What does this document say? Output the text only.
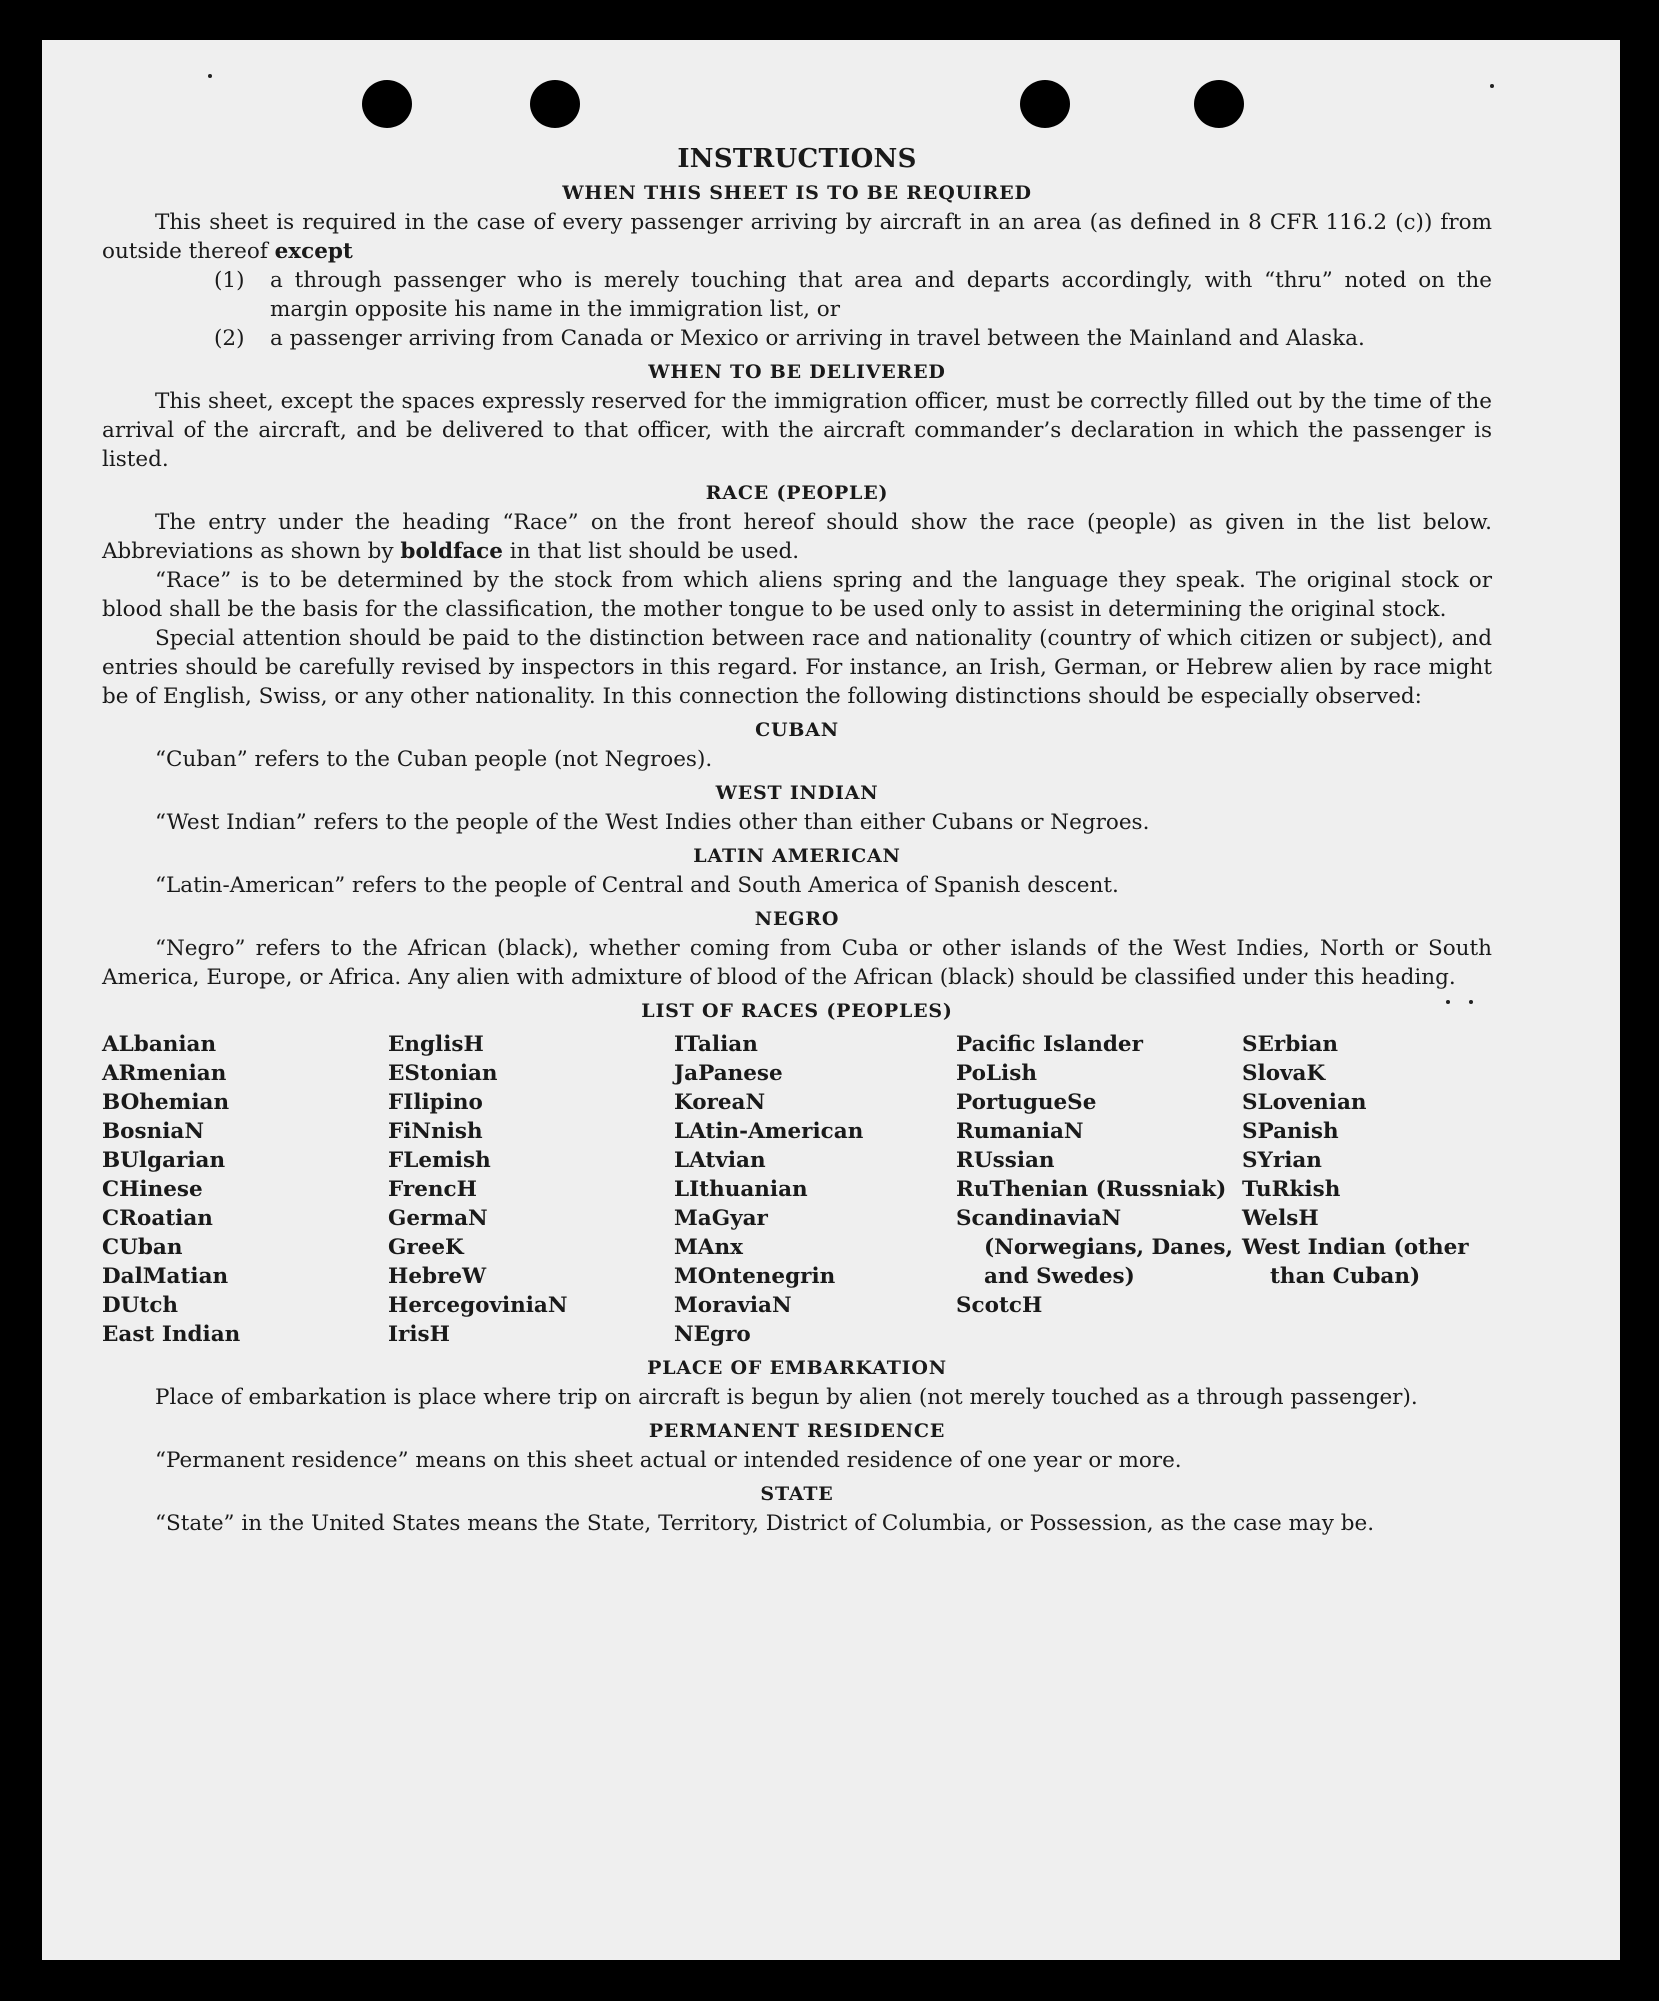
INSTRUCTIONS
WHEN THIS SHEET IS TO BE REQUIRED

This sheet is required in the case of every passenger arriving by aircraft in an area (as defined in 8 CFR 116.2 (c)) from outside thereof except

(1) a through passenger who is merely touching that area and departs accordingly, with “thru” noted on the margin opposite his name in the immigration list, or
(2) a passenger arriving from Canada or Mexico or arriving in travel between the Mainland and Alaska.
WHEN TO BE DELIVERED

This sheet, except the spaces expressly reserved for the immigration officer, must be correctly filled out by the time of the arrival of the aircraft, and be delivered to that officer, with the aircraft commander’s declaration in which the passenger is listed.

RACE (PEOPLE)

The entry under the heading “Race” on the front hereof should show the race (people) as given in the list below. Abbreviations as shown by boldface in that list should be used.

“Race” is to be determined by the stock from which aliens spring and the language they speak. The original stock or blood shall be the basis for the classification, the mother tongue to be used only to assist in determining the original stock.

Special attention should be paid to the distinction between race and nationality (country of which citizen or subject), and entries should be carefully revised by inspectors in this regard. For instance, an Irish, German, or Hebrew alien by race might be of English, Swiss, or any other nationality. In this connection the following distinctions should be especially observed:

CUBAN

“Cuban” refers to the Cuban people (not Negroes).

WEST INDIAN

“West Indian” refers to the people of the West Indies other than either Cubans or Negroes.

LATIN AMERICAN

“Latin-American” refers to the people of Central and South America of Spanish descent.

NEGRO

“Negro” refers to the African (black), whether coming from Cuba or other islands of the West Indies, North or South America, Europe, or Africa. Any alien with admixture of blood of the African (black) should be classified under this heading.

LIST OF RACES (PEOPLES)
ALbanian
ARmenian
BOhemian
BosniaN
BUlgarian
CHinese
CRoatian
CUban
DalMatian
DUtch
East Indian
EnglisH
EStonian
FIlipino
FiNnish
FLemish
FrencH
GermaN
GreeK
HebreW
HercegoviniaN
IrisH
ITalian
JaPanese
KoreaN
LAtin-American
LAtvian
LIthuanian
MaGyar
MAnx
MOntenegrin
MoraviaN
NEgro
Pacific Islander
PoLish
PortugueSe
RumaniaN
RUssian
RuThenian (Russniak)
ScandinaviaN (Norwegians, Danes, and Swedes)
ScotcH
SErbian
SlovaK
SLovenian
SPanish
SYrian
TuRkish
WelsH
West Indian (other than Cuban)
PLACE OF EMBARKATION

Place of embarkation is place where trip on aircraft is begun by alien (not merely touched as a through passenger).

PERMANENT RESIDENCE

“Permanent residence” means on this sheet actual or intended residence of one year or more.

STATE

“State” in the United States means the State, Territory, District of Columbia, or Possession, as the case may be.
